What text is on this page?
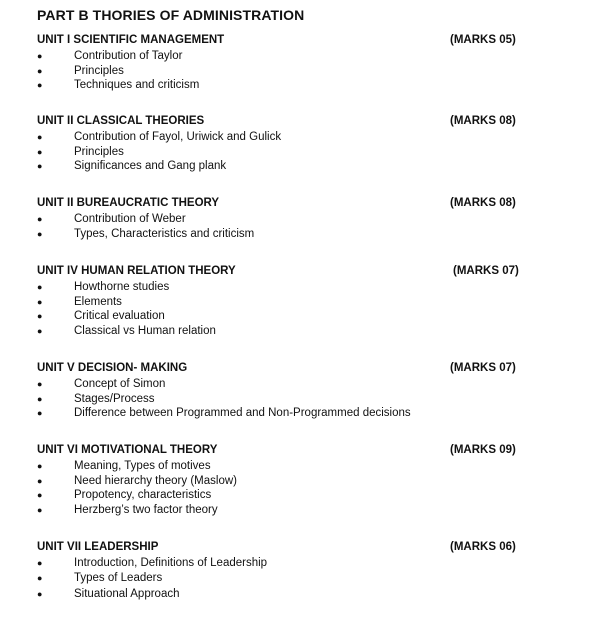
PART B THORIES OF ADMINISTRATION
UNIT I SCIENTIFIC MANAGEMENT	(MARKS 05)
●	Contribution of Taylor
●	Principles
●	Techniques and criticism
UNIT II CLASSICAL THEORIES	(MARKS 08)
●	Contribution of Fayol, Uriwick and Gulick
●	Principles
●	Significances and Gang plank
UNIT II BUREAUCRATIC THEORY	(MARKS 08)
●	Contribution of Weber
●	Types, Characteristics and criticism
UNIT IV HUMAN RELATION THEORY	(MARKS 07)
●	Howthorne studies
●	Elements
●	Critical evaluation
●	Classical vs Human relation
UNIT V DECISION- MAKING	(MARKS 07)
●	Concept of Simon
●	Stages/Process
●	Difference between Programmed and Non-Programmed decisions
UNIT VI MOTIVATIONAL THEORY	(MARKS 09)
●	Meaning, Types of motives
●	Need hierarchy theory (Maslow)
●	Propotency, characteristics
●	Herzberg’s two factor theory
UNIT VII LEADERSHIP	(MARKS 06)
●	Introduction, Definitions of Leadership
●	Types of Leaders
●	Situational Approach
